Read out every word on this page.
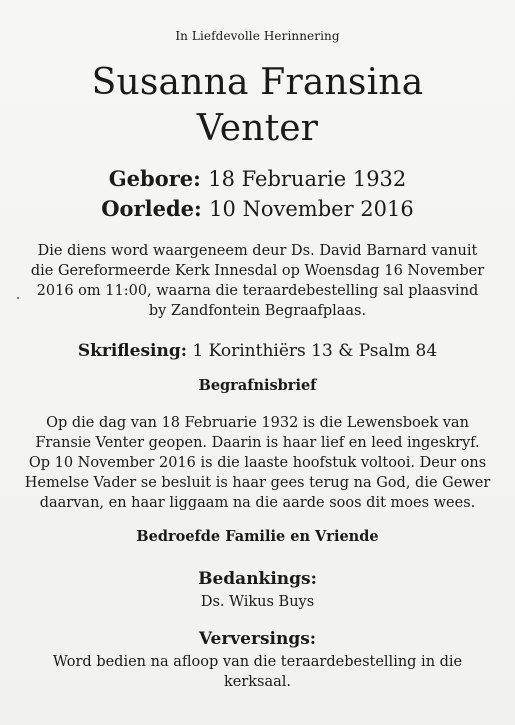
In Liefdevolle Herinnering
Susanna Fransina
Venter
Gebore: 18 Februarie 1932
Oorlede: 10 November 2016
Die diens word waargeneem deur Ds. David Barnard vanuit
die Gereformeerde Kerk Innesdal op Woensdag 16 November
2016 om 11:00, waarna die teraardebestelling sal plaasvind
by Zandfontein Begraafplaas.
Skriflesing: 1 Korinthiërs 13 & Psalm 84
Begrafnisbrief
Op die dag van 18 Februarie 1932 is die Lewensboek van
Fransie Venter geopen. Daarin is haar lief en leed ingeskryf.
Op 10 November 2016 is die laaste hoofstuk voltooi. Deur ons
Hemelse Vader se besluit is haar gees terug na God, die Gewer
daarvan, en haar liggaam na die aarde soos dit moes wees.
Bedroefde Familie en Vriende
Bedankings:
Ds. Wikus Buys
Verversings:
Word bedien na afloop van die teraardebestelling in die
kerksaal.
